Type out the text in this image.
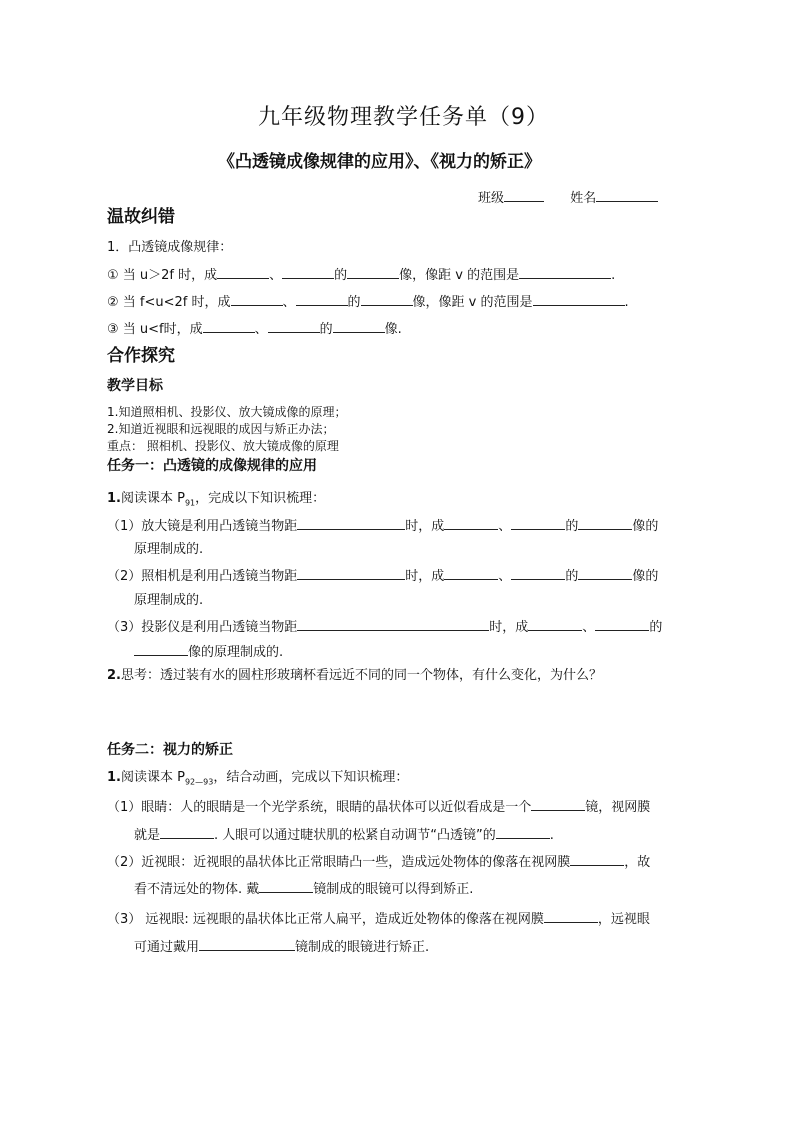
九年级物理教学任务单（9）
《凸透镜成像规律的应用》、《视力的矫正》
班级	姓名
温故纠错
1．凸透镜成像规律：
① 当 u＞2f 时，成	、	的	像，像距 v 的范围是	.
② 当 f<u<2f 时，成	、	的	像，像距 v 的范围是	.
③ 当 u<f时，成	、	的	像.
合作探究
教学目标
1.知道照相机、投影仪、放大镜成像的原理；
2.知道近视眼和远视眼的成因与矫正办法；
重点： 照相机、投影仪、放大镜成像的原理
任务一：凸透镜的成像规律的应用
1.阅读课本 $P_{91}$，完成以下知识梳理：
（1）放大镜是利用凸透镜当物距	时，成	、	的	像的
原理制成的.
（2）照相机是利用凸透镜当物距	时，成	、	的	像的
原理制成的.
（3）投影仪是利用凸透镜当物距	时，成	、	的
像的原理制成的.
2.思考：透过装有水的圆柱形玻璃杯看远近不同的同一个物体，有什么变化，为什么？
任务二：视力的矫正
1.阅读课本 $P_{92—93}$，结合动画，完成以下知识梳理：
（1）眼睛：人的眼睛是一个光学系统，眼睛的晶状体可以近似看成是一个	镜，视网膜
就是	. 人眼可以通过睫状肌的松紧自动调节“凸透镜”的	.
（2）近视眼：近视眼的晶状体比正常眼睛凸一些，造成远处物体的像落在视网膜	，故
看不清远处的物体. 戴	镜制成的眼镜可以得到矫正.
（3） 远视眼: 远视眼的晶状体比正常人扁平，造成近处物体的像落在视网膜	，远视眼
可通过戴用	镜制成的眼镜进行矫正.
